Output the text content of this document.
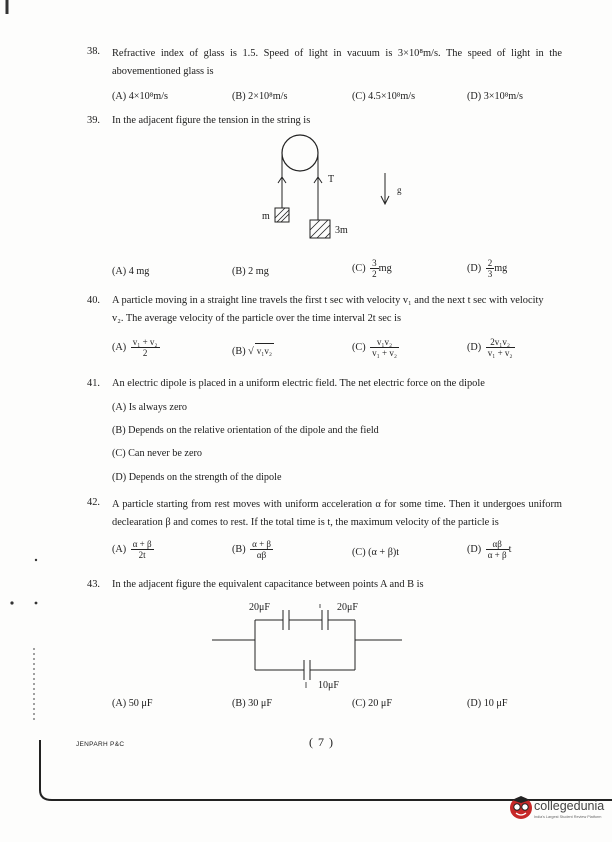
38. Refractive index of glass is 1.5. Speed of light in vacuum is 3×10⁸m/s. The speed of light in the abovementioned glass is
(A) 4×10⁸m/s	(B) 2×10⁸m/s	(C) 4.5×10⁸m/s	(D) 3×10⁸m/s
39. In the adjacent figure the tension in the string is
T
m
3m
g
(A) 4 mg	(B) 2 mg	$(C) \frac{3}{2}$ mg	$(D) \frac{2}{3}$ mg
40. A particle moving in a straight line travels the first t sec with velocity v₁ and the next t sec with velocity
v₂. The average velocity of the particle over the time interval 2t sec is
$(A) \frac{\text{v₁ + v₂}}{2}$	(B) √ v₁v₂	$(C) \frac{\text{v₁v₂}}{\text{v₁ + v₂}}$	$(D) \frac{\text{2v₁v₂}}{\text{v₁ + v₂}}$
41. An electric dipole is placed in a uniform electric field. The net electric force on the dipole
(A) Is always zero
(B) Depends on the relative orientation of the dipole and the field
(C) Can never be zero
(D) Depends on the strength of the dipole
42. A particle starting from rest moves with uniform acceleration α for some time. Then it undergoes uniform declearation β and comes to rest. If the total time is t, the maximum velocity of the particle is
$(A) \frac{\alpha + \beta}{2t}$	$(B) \frac{\alpha + \beta}{\alpha\beta}$	(C) (α + β)t	$(D) \frac{\alpha\beta}{\alpha + \beta}$ t
43. In the adjacent figure the equivalent capacitance between points A and B is
20μF	20μF
10μF
(A) 50 μF	(B) 30 μF	(C) 20 μF	(D) 10 μF
JENPARH P&C	( 7 )
collegedunia
India's Largest Student Review Platform
